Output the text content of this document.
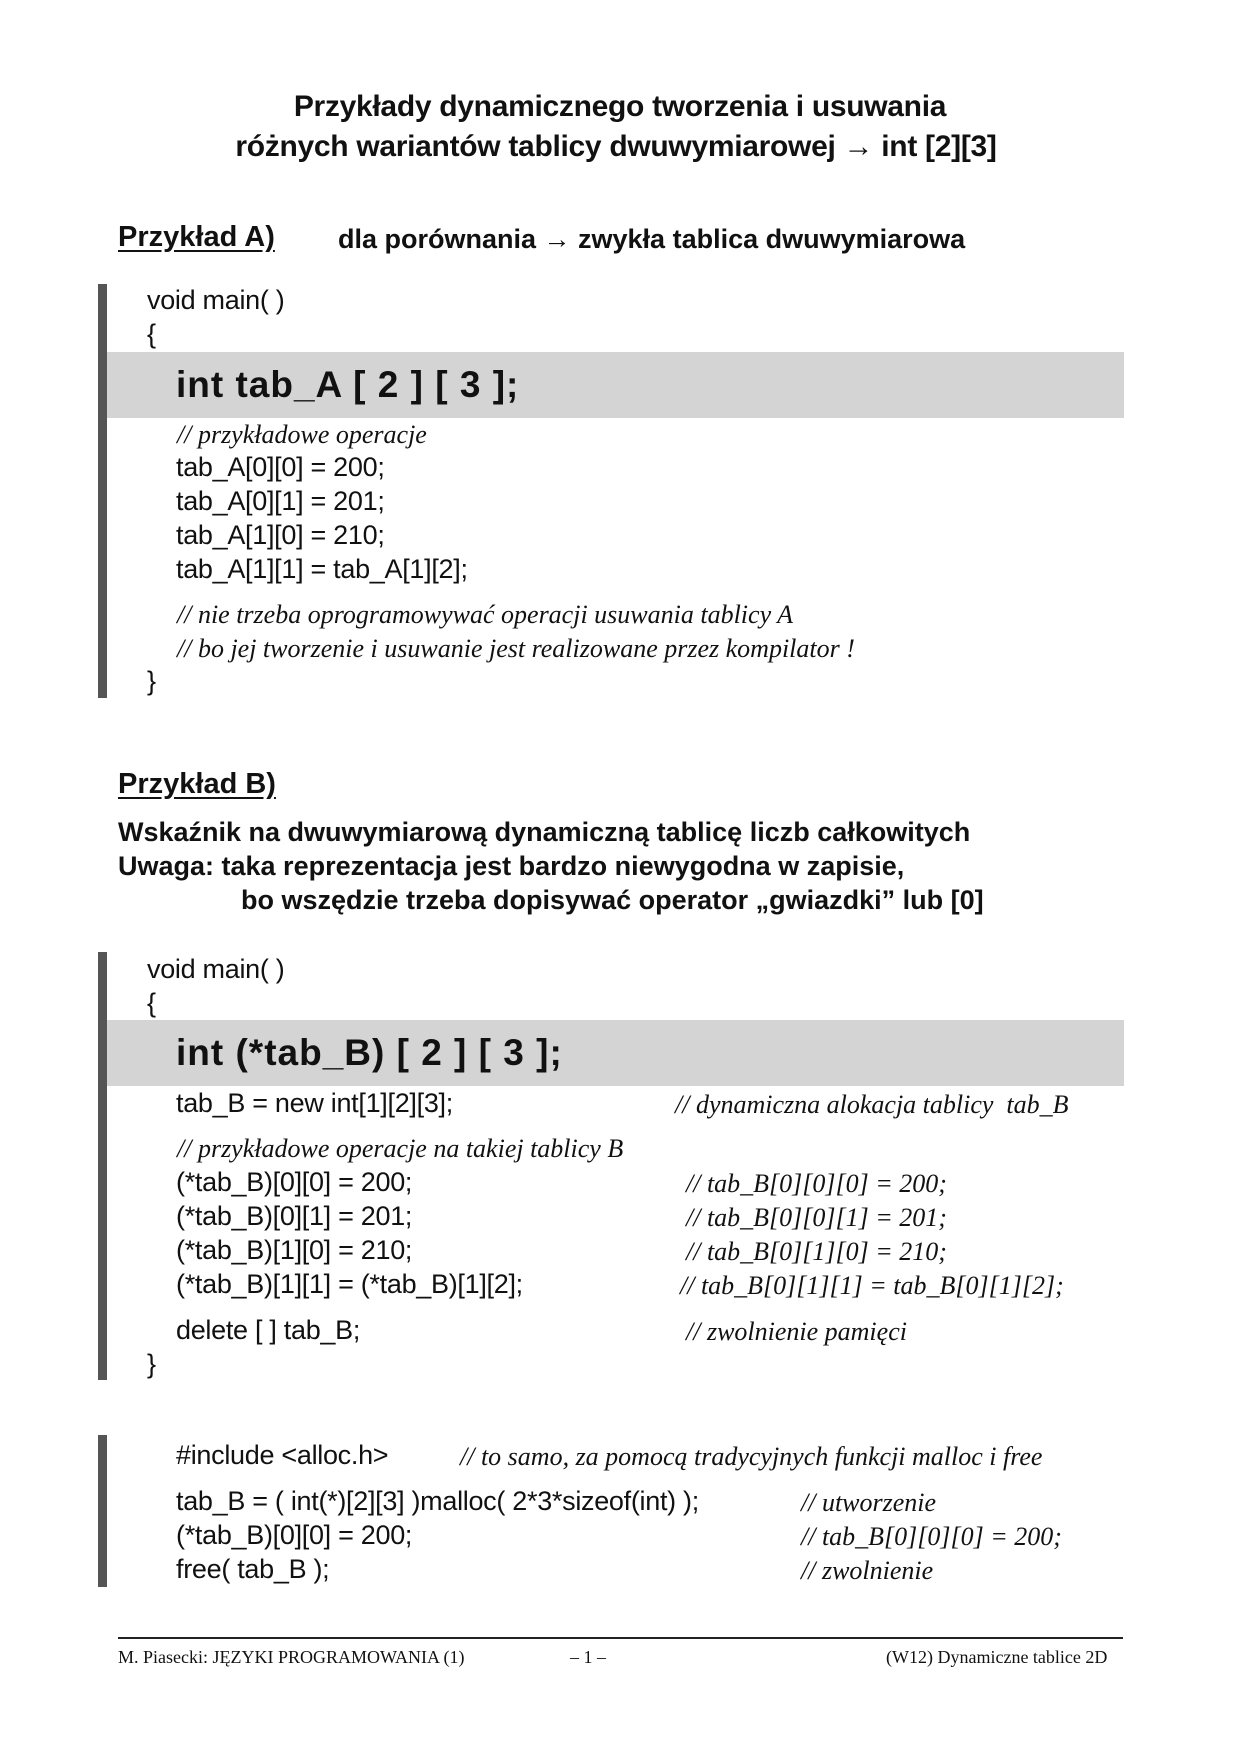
Przykłady dynamicznego tworzenia i usuwania
różnych wariantów tablicy dwuwymiarowej → int [2][3]
Przykład A) dla porównania → zwykła tablica dwuwymiarowa
void main( )
{
int tab_A [ 2 ] [ 3 ];
// przykładowe operacje
tab_A[0][0] = 200;
tab_A[0][1] = 201;
tab_A[1][0] = 210;
tab_A[1][1] = tab_A[1][2];
// nie trzeba oprogramowywać operacji usuwania tablicy A
// bo jej tworzenie i usuwanie jest realizowane przez kompilator !
}
Przykład B)
Wskaźnik na dwuwymiarową dynamiczną tablicę liczb całkowitych
Uwaga: taka reprezentacja jest bardzo niewygodna w zapisie,
bo wszędzie trzeba dopisywać operator „gwiazdki” lub [0]
void main( )
{
int (*tab_B) [ 2 ] [ 3 ];
tab_B = new int[1][2][3];	// dynamiczna alokacja tablicy  tab_B
// przykładowe operacje na takiej tablicy B
(*tab_B)[0][0] = 200;	// tab_B[0][0][0] = 200;
(*tab_B)[0][1] = 201;	// tab_B[0][0][1] = 201;
(*tab_B)[1][0] = 210;	// tab_B[0][1][0] = 210;
(*tab_B)[1][1] = (*tab_B)[1][2];	// tab_B[0][1][1] = tab_B[0][1][2];
delete [ ] tab_B;	// zwolnienie pamięci
}
#include <alloc.h>	// to samo, za pomocą tradycyjnych funkcji malloc i free
tab_B = ( int(*)[2][3] )malloc( 2*3*sizeof(int) );	// utworzenie
(*tab_B)[0][0] = 200;	// tab_B[0][0][0] = 200;
free( tab_B );	// zwolnienie
M. Piasecki: JĘZYKI PROGRAMOWANIA (1)	– 1 –	(W12) Dynamiczne tablice 2D
